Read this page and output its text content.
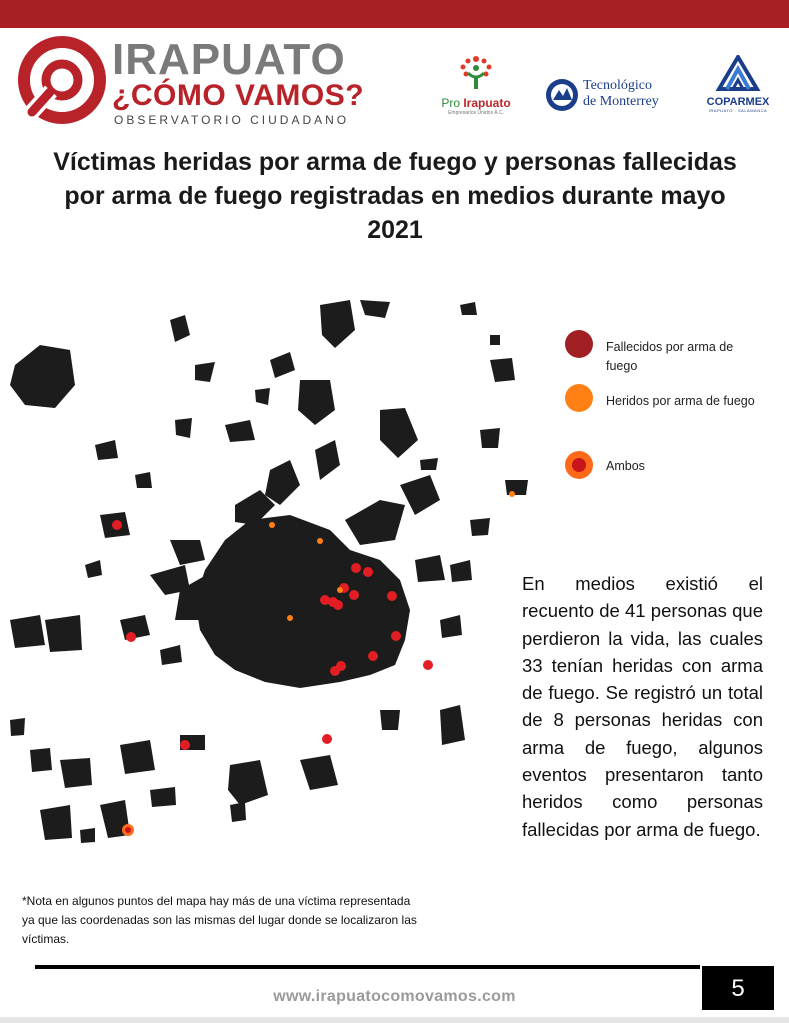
IRAPUATO
¿CÓMO VAMOS?
OBSERVATORIO CIUDADANO
Pro Irapuato
Empresarios Unidos A.C.
Tecnológico
de Monterrey	COPARMEX
IRAPUATO · SALAMANCA
Víctimas heridas por arma de fuego y personas fallecidas por arma de fuego registradas en medios durante mayo 2021
Fallecidos por arma de fuego
Heridos por arma de fuego
Ambos
En medios existió el recuento de 41 personas que perdieron la vida, las cuales 33 tenían heridas con arma de fuego. Se registró un total de 8 personas heridas con arma de fuego, algunos eventos presentaron tanto heridos como personas fallecidas por arma de fuego.
*Nota en algunos puntos del mapa hay más de una víctima representada ya que las coordenadas son las mismas del lugar donde se localizaron las víctimas.
www.irapuatocomovamos.com	5
